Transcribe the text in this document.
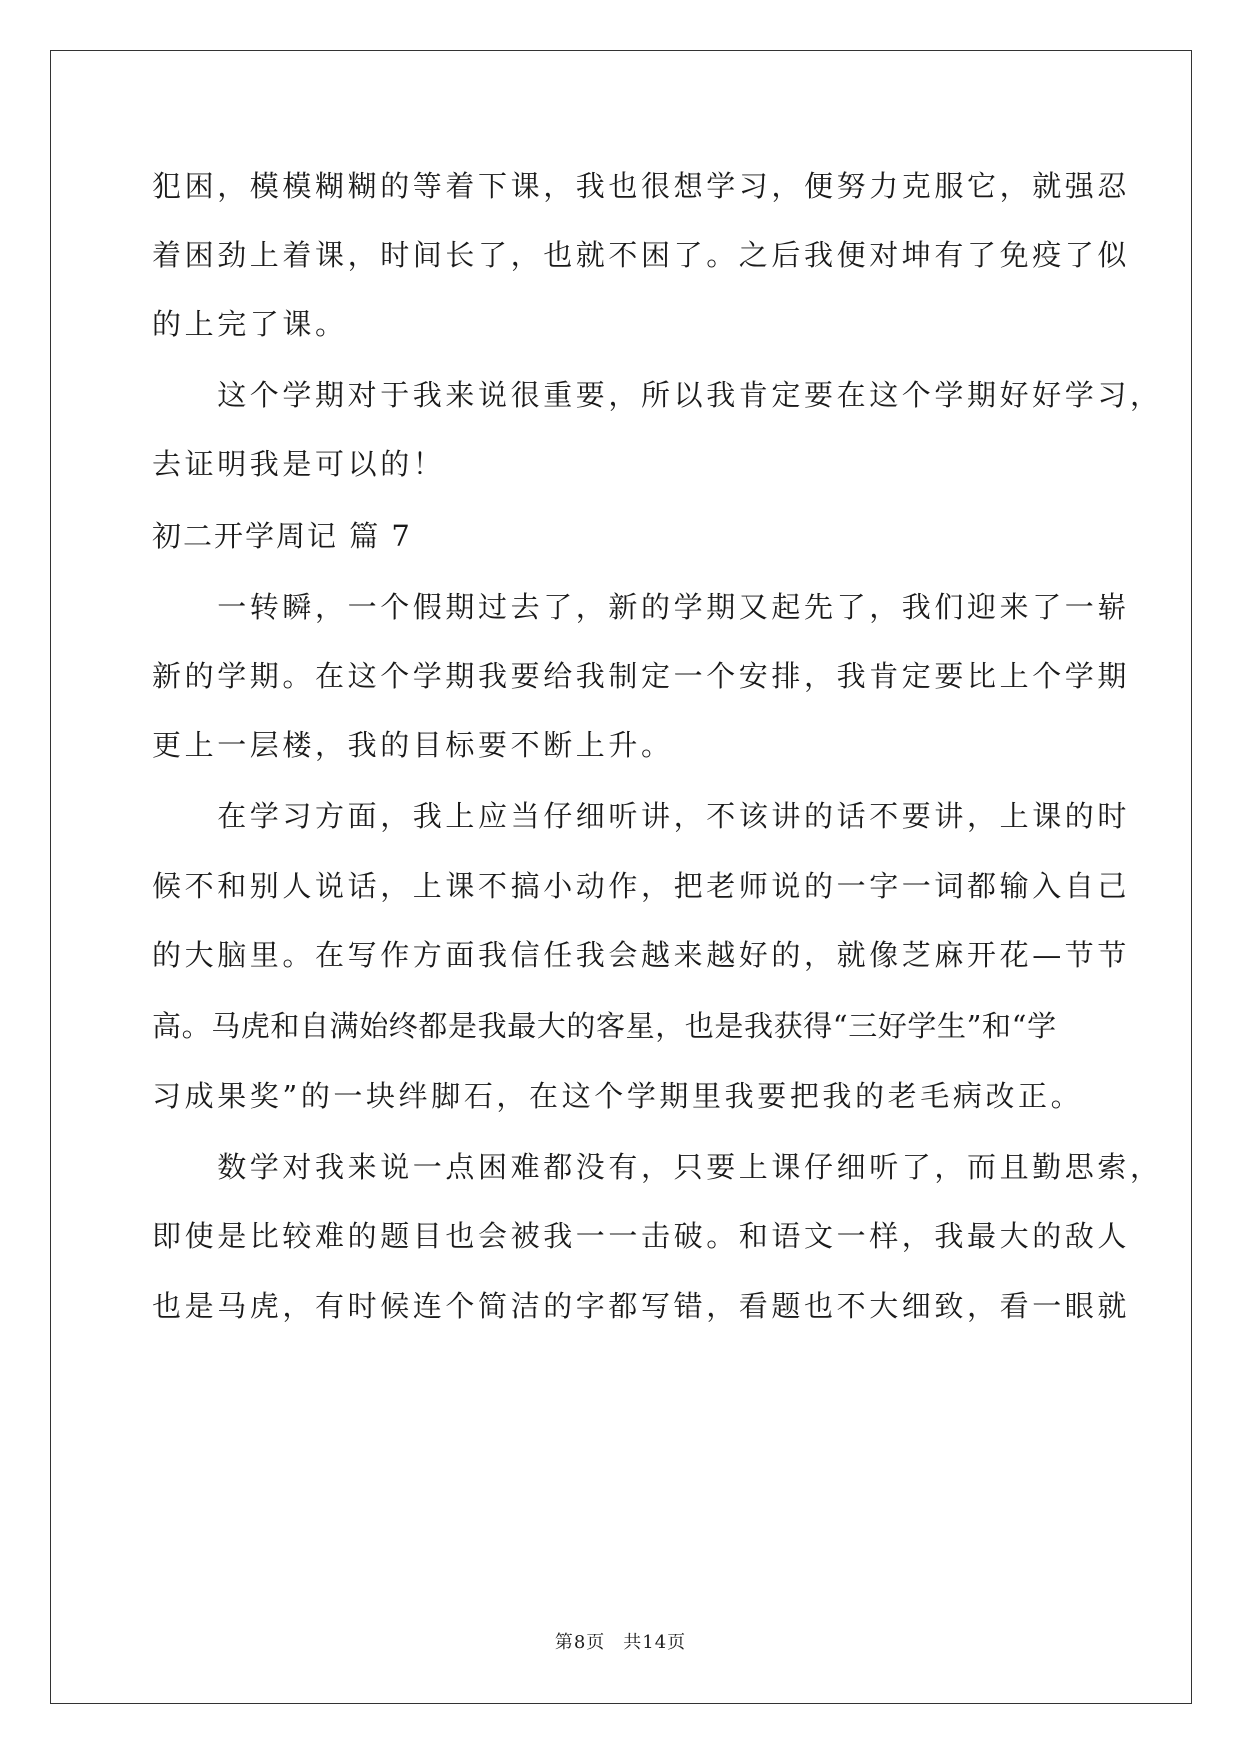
犯困，模模糊糊的等着下课，我也很想学习，便努力克服它，就强忍
着困劲上着课，时间长了，也就不困了。之后我便对坤有了免疫了似
的上完了课。
　　这个学期对于我来说很重要，所以我肯定要在这个学期好好学习，
去证明我是可以的！
初二开学周记 篇 7
　　一转瞬，一个假期过去了，新的学期又起先了，我们迎来了一崭
新的学期。在这个学期我要给我制定一个安排，我肯定要比上个学期
更上一层楼，我的目标要不断上升。
　　在学习方面，我上应当仔细听讲，不该讲的话不要讲，上课的时
候不和别人说话，上课不搞小动作，把老师说的一字一词都输入自己
的大脑里。在写作方面我信任我会越来越好的，就像芝麻开花—节节
高。马虎和自满始终都是我最大的客星，也是我获得“三好学生”和“学
习成果奖”的一块绊脚石，在这个学期里我要把我的老毛病改正。
　　数学对我来说一点困难都没有，只要上课仔细听了，而且勤思索，
即使是比较难的题目也会被我一一击破。和语文一样，我最大的敌人
也是马虎，有时候连个简洁的字都写错，看题也不大细致，看一眼就
第8页 共14页
